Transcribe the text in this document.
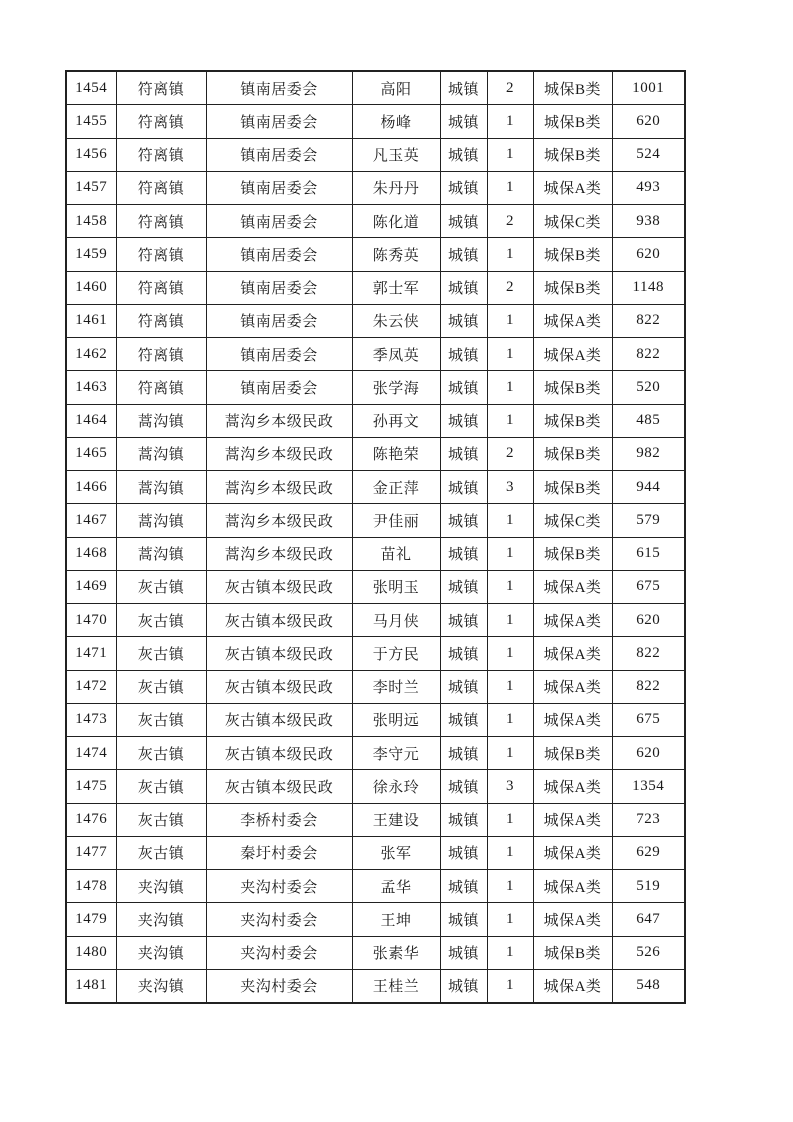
1454	符离镇	镇南居委会	高阳	城镇	2	城保B类	1001
1455	符离镇	镇南居委会	杨峰	城镇	1	城保B类	620
1456	符离镇	镇南居委会	凡玉英	城镇	1	城保B类	524
1457	符离镇	镇南居委会	朱丹丹	城镇	1	城保A类	493
1458	符离镇	镇南居委会	陈化道	城镇	2	城保C类	938
1459	符离镇	镇南居委会	陈秀英	城镇	1	城保B类	620
1460	符离镇	镇南居委会	郭士军	城镇	2	城保B类	1148
1461	符离镇	镇南居委会	朱云侠	城镇	1	城保A类	822
1462	符离镇	镇南居委会	季凤英	城镇	1	城保A类	822
1463	符离镇	镇南居委会	张学海	城镇	1	城保B类	520
1464	蒿沟镇	蒿沟乡本级民政	孙再文	城镇	1	城保B类	485
1465	蒿沟镇	蒿沟乡本级民政	陈艳荣	城镇	2	城保B类	982
1466	蒿沟镇	蒿沟乡本级民政	金正萍	城镇	3	城保B类	944
1467	蒿沟镇	蒿沟乡本级民政	尹佳丽	城镇	1	城保C类	579
1468	蒿沟镇	蒿沟乡本级民政	苗礼	城镇	1	城保B类	615
1469	灰古镇	灰古镇本级民政	张明玉	城镇	1	城保A类	675
1470	灰古镇	灰古镇本级民政	马月侠	城镇	1	城保A类	620
1471	灰古镇	灰古镇本级民政	于方民	城镇	1	城保A类	822
1472	灰古镇	灰古镇本级民政	李时兰	城镇	1	城保A类	822
1473	灰古镇	灰古镇本级民政	张明远	城镇	1	城保A类	675
1474	灰古镇	灰古镇本级民政	李守元	城镇	1	城保B类	620
1475	灰古镇	灰古镇本级民政	徐永玲	城镇	3	城保A类	1354
1476	灰古镇	李桥村委会	王建设	城镇	1	城保A类	723
1477	灰古镇	秦圩村委会	张军	城镇	1	城保A类	629
1478	夹沟镇	夹沟村委会	孟华	城镇	1	城保A类	519
1479	夹沟镇	夹沟村委会	王坤	城镇	1	城保A类	647
1480	夹沟镇	夹沟村委会	张素华	城镇	1	城保B类	526
1481	夹沟镇	夹沟村委会	王桂兰	城镇	1	城保A类	548
